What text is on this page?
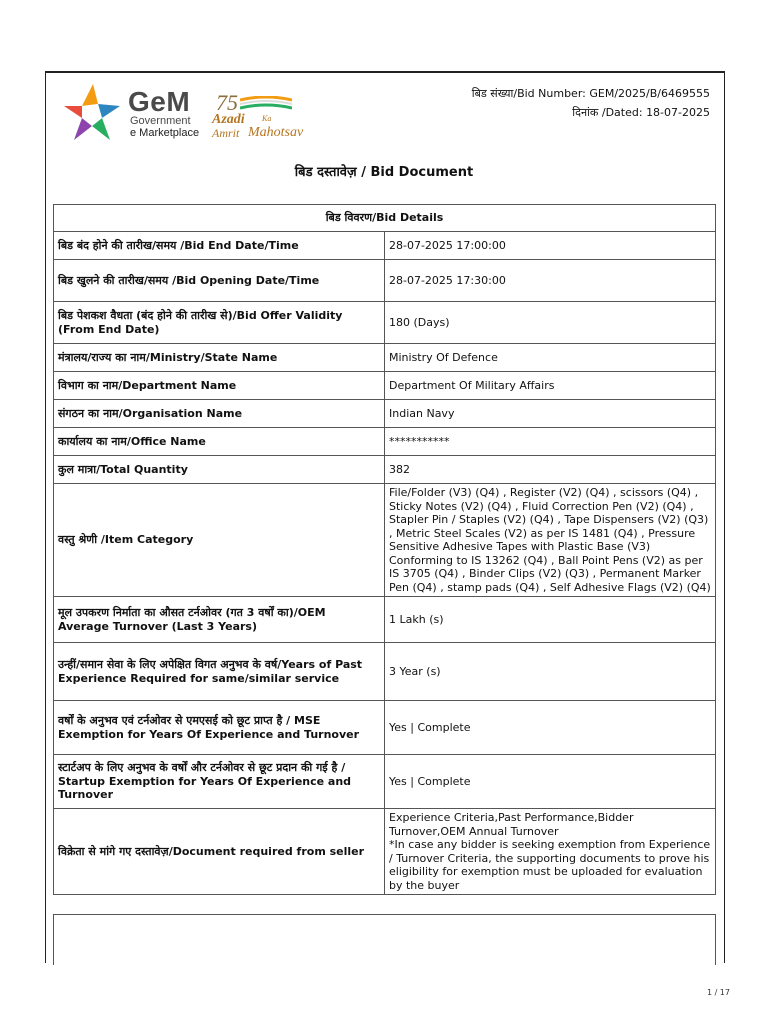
GeM
Government
e Marketplace
75
Azadi Ka
Amrit Mahotsav
बिड संख्या/Bid Number: GEM/2025/B/6469555
दिनांक /Dated: 18-07-2025
बिड दस्तावेज़ / Bid Document
बिड विवरण/Bid Details	
बिड बंद होने की तारीख/समय /Bid End Date/Time	28-07-2025 17:00:00
बिड खुलने की तारीख/समय /Bid Opening Date/Time	28-07-2025 17:30:00
बिड पेशकश वैधता (बंद होने की तारीख से)/Bid Offer Validity (From End Date)	180 (Days)
मंत्रालय/राज्य का नाम/Ministry/State Name	Ministry Of Defence
विभाग का नाम/Department Name	Department Of Military Affairs
संगठन का नाम/Organisation Name	Indian Navy
कार्यालय का नाम/Office Name	***********
कुल मात्रा/Total Quantity	382
वस्तु श्रेणी /Item Category	File/Folder (V3) (Q4) , Register (V2) (Q4) , scissors (Q4) , Sticky Notes (V2) (Q4) , Fluid Correction Pen (V2) (Q4) , Stapler Pin / Staples (V2) (Q4) , Tape Dispensers (V2) (Q3) , Metric Steel Scales (V2) as per IS 1481 (Q4) , Pressure Sensitive Adhesive Tapes with Plastic Base (V3) Conforming to IS 13262 (Q4) , Ball Point Pens (V2) as per IS 3705 (Q4) , Binder Clips (V2) (Q3) , Permanent Marker Pen (Q4) , stamp pads (Q4) , Self Adhesive Flags (V2) (Q4)
मूल उपकरण निर्माता का औसत टर्नओवर (गत 3 वर्षों का)/OEM Average Turnover (Last 3 Years)	1 Lakh (s)
उन्हीं/समान सेवा के लिए अपेक्षित विगत अनुभव के वर्ष/Years of Past Experience Required for same/similar service	3 Year (s)
वर्षों के अनुभव एवं टर्नओवर से एमएसई को छूट प्राप्त है / MSE Exemption for Years Of Experience and Turnover	Yes | Complete
स्टार्टअप के लिए अनुभव के वर्षों और टर्नओवर से छूट प्रदान की गई है / Startup Exemption for Years Of Experience and Turnover	Yes | Complete
विक्रेता से मांगे गए दस्तावेज़/Document required from seller	Experience Criteria,Past Performance,Bidder Turnover,OEM Annual Turnover
*In case any bidder is seeking exemption from Experience / Turnover Criteria, the supporting documents to prove his eligibility for exemption must be uploaded for evaluation by the buyer
1 / 17
